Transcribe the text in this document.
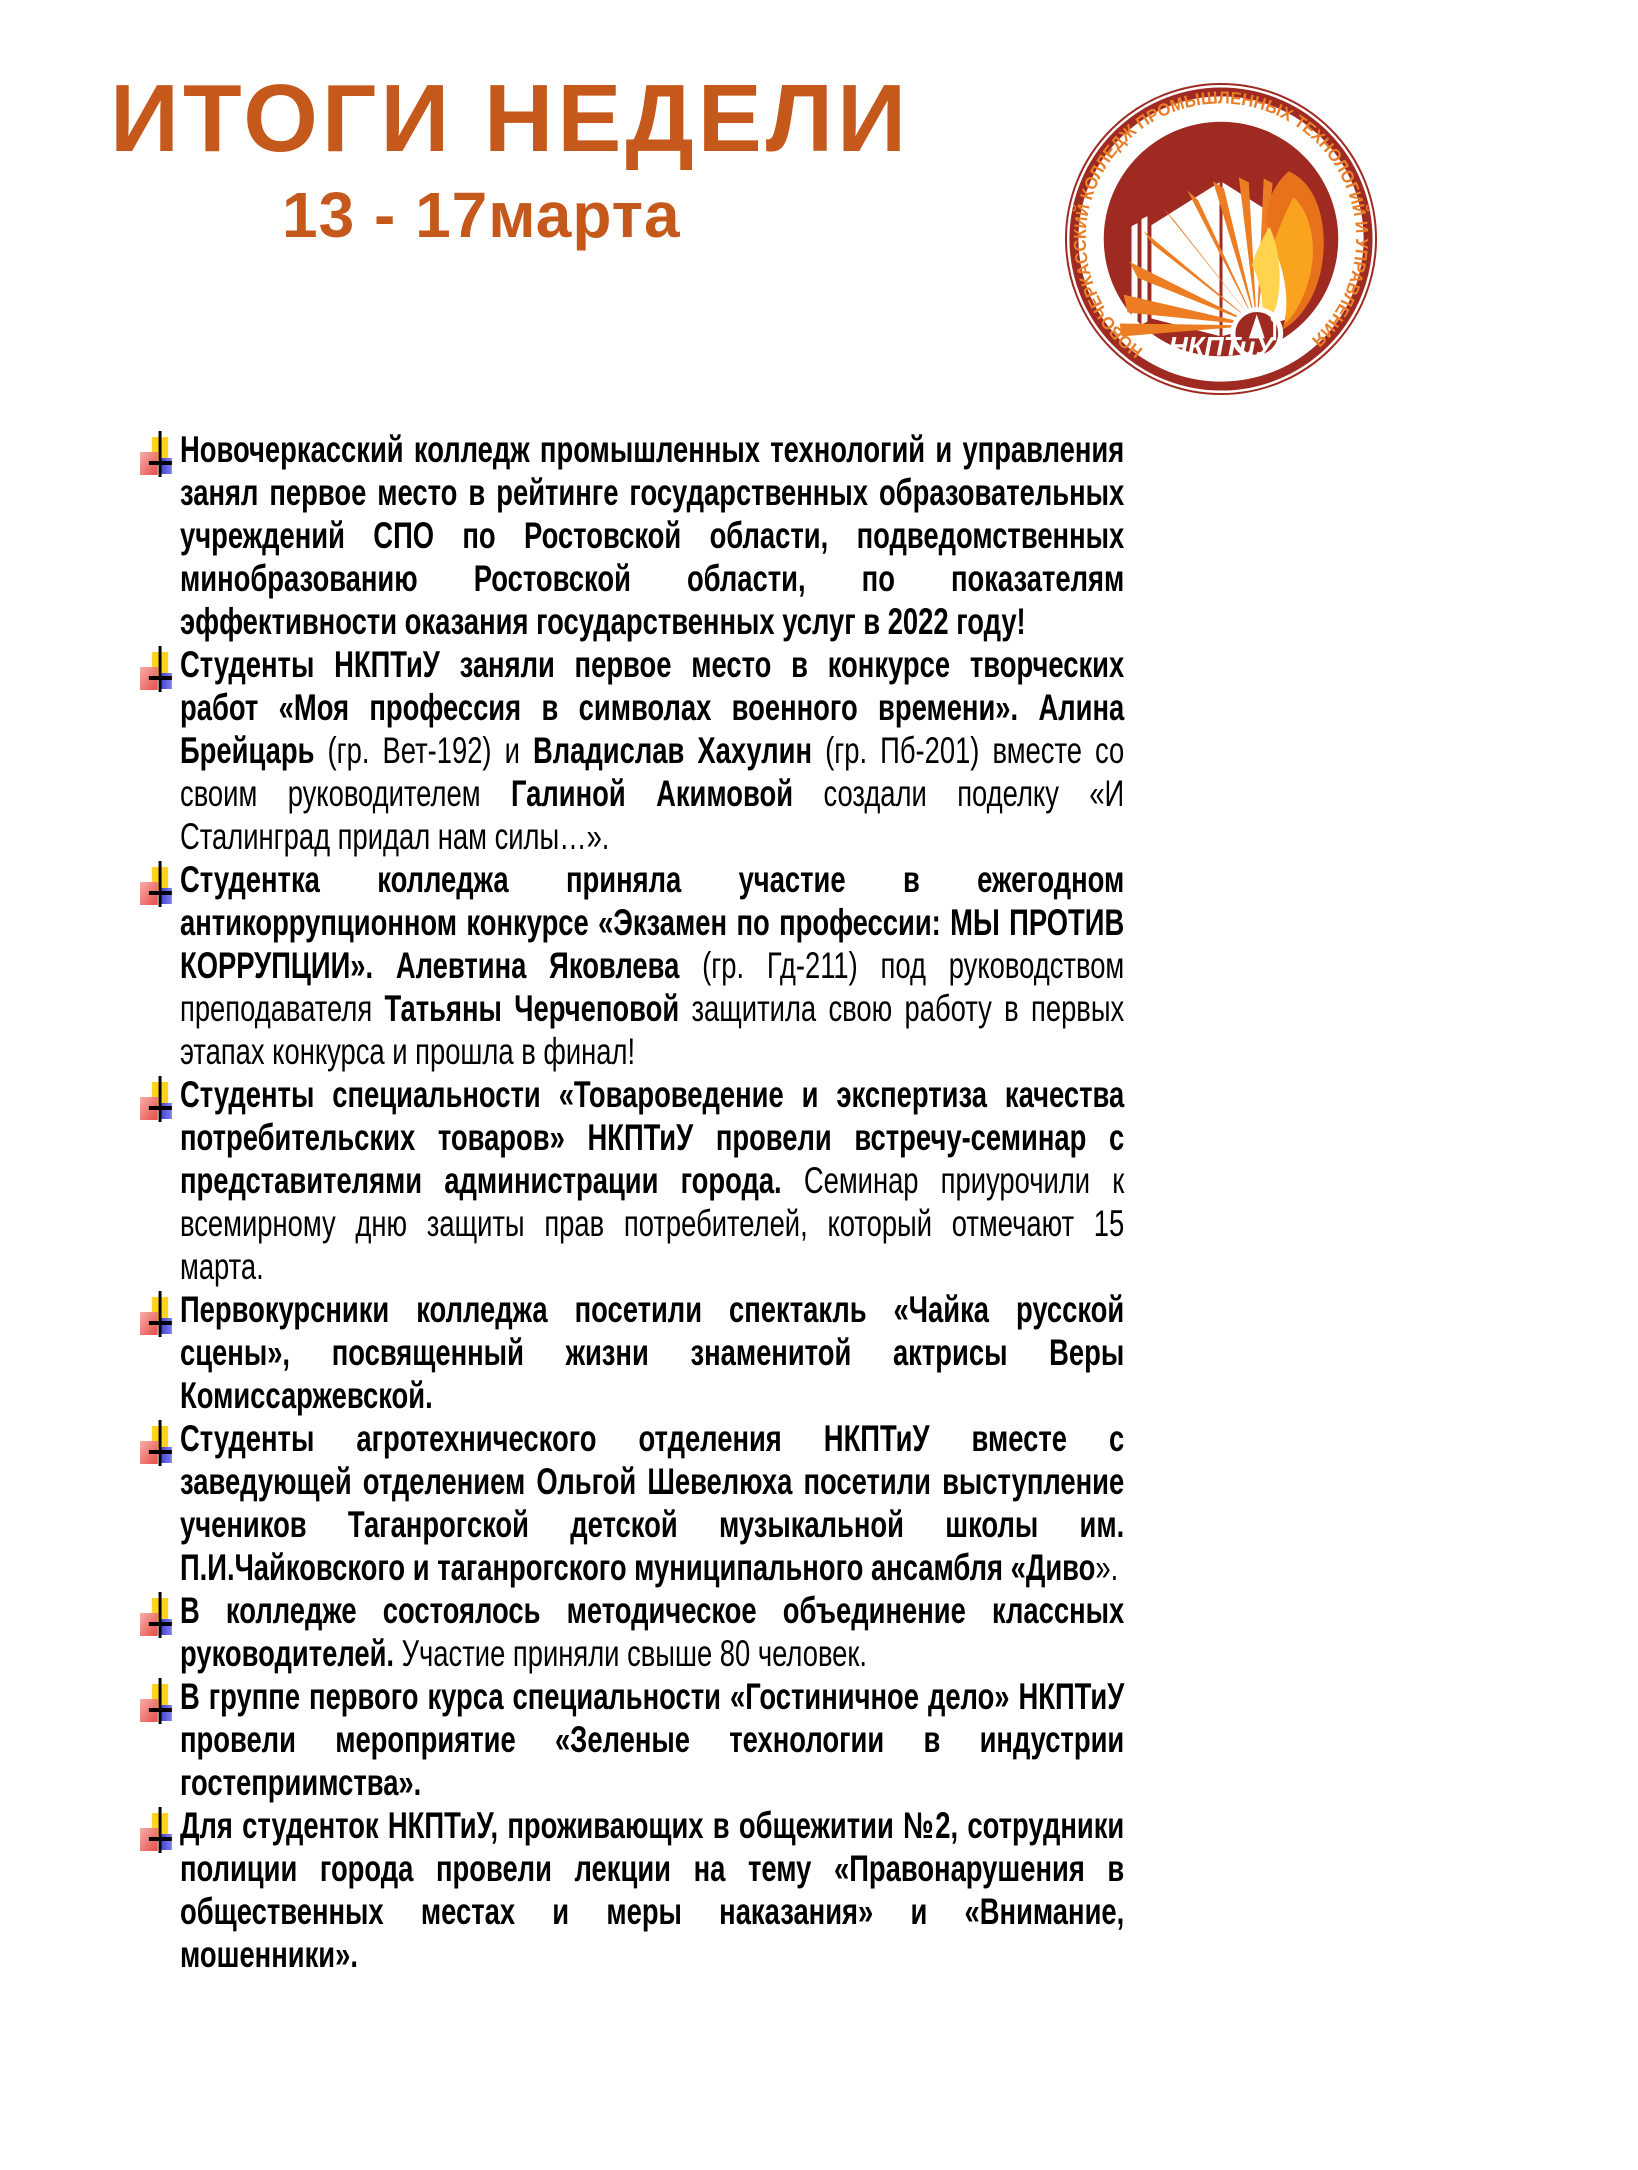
ИТОГИ НЕДЕЛИ
13 - 17марта
НОВОЧЕРКАССКИЙ КОЛЛЕДЖ ПРОМЫШЛЕННЫХ ТЕХНОЛОГИЙ И УПРАВЛЕНИЯ
НКПТиУ
Новочеркасский колледж промышленных технологий и управления занял первое место в рейтинге государственных образовательных учреждений СПО по Ростовской области, подведомственных минобразованию Ростовской области, по показателям эффективности оказания государственных услуг в 2022 году!
Студенты НКПТиУ заняли первое место в конкурсе творческих работ «Моя профессия в символах военного времени». Алина Брейцарь (гр. Вет-192) и Владислав Хахулин (гр. Пб-201) вместе со своим руководителем Галиной Акимовой создали поделку «И Сталинград придал нам силы…».
Студентка колледжа приняла участие в ежегодном антикоррупционном конкурсе «Экзамен по профессии: МЫ ПРОТИВ КОРРУПЦИИ». Алевтина Яковлева (гр. Гд-211) под руководством преподавателя Татьяны Черчеповой защитила свою работу в первых этапах конкурса и прошла в финал!
Студенты специальности «Товароведение и экспертиза качества потребительских товаров» НКПТиУ провели встречу-семинар с представителями администрации города. Семинар приурочили к всемирному дню защиты прав потребителей, который отмечают 15 марта.
Первокурсники колледжа посетили спектакль «Чайка русской сцены», посвященный жизни знаменитой актрисы Веры Комиссаржевской.
Студенты агротехнического отделения НКПТиУ вместе с заведующей отделением Ольгой Шевелюха посетили выступление учеников Таганрогской детской музыкальной школы им. П.И.Чайковского и таганрогского муниципального ансамбля «Диво».
В колледже состоялось методическое объединение классных руководителей. Участие приняли свыше 80 человек.
В группе первого курса специальности «Гостиничное дело» НКПТиУ провели мероприятие «Зеленые технологии в индустрии гостеприимства».
Для студенток НКПТиУ, проживающих в общежитии №2, сотрудники полиции города провели лекции на тему «Правонарушения в общественных местах и меры наказания» и «Внимание, мошенники».
